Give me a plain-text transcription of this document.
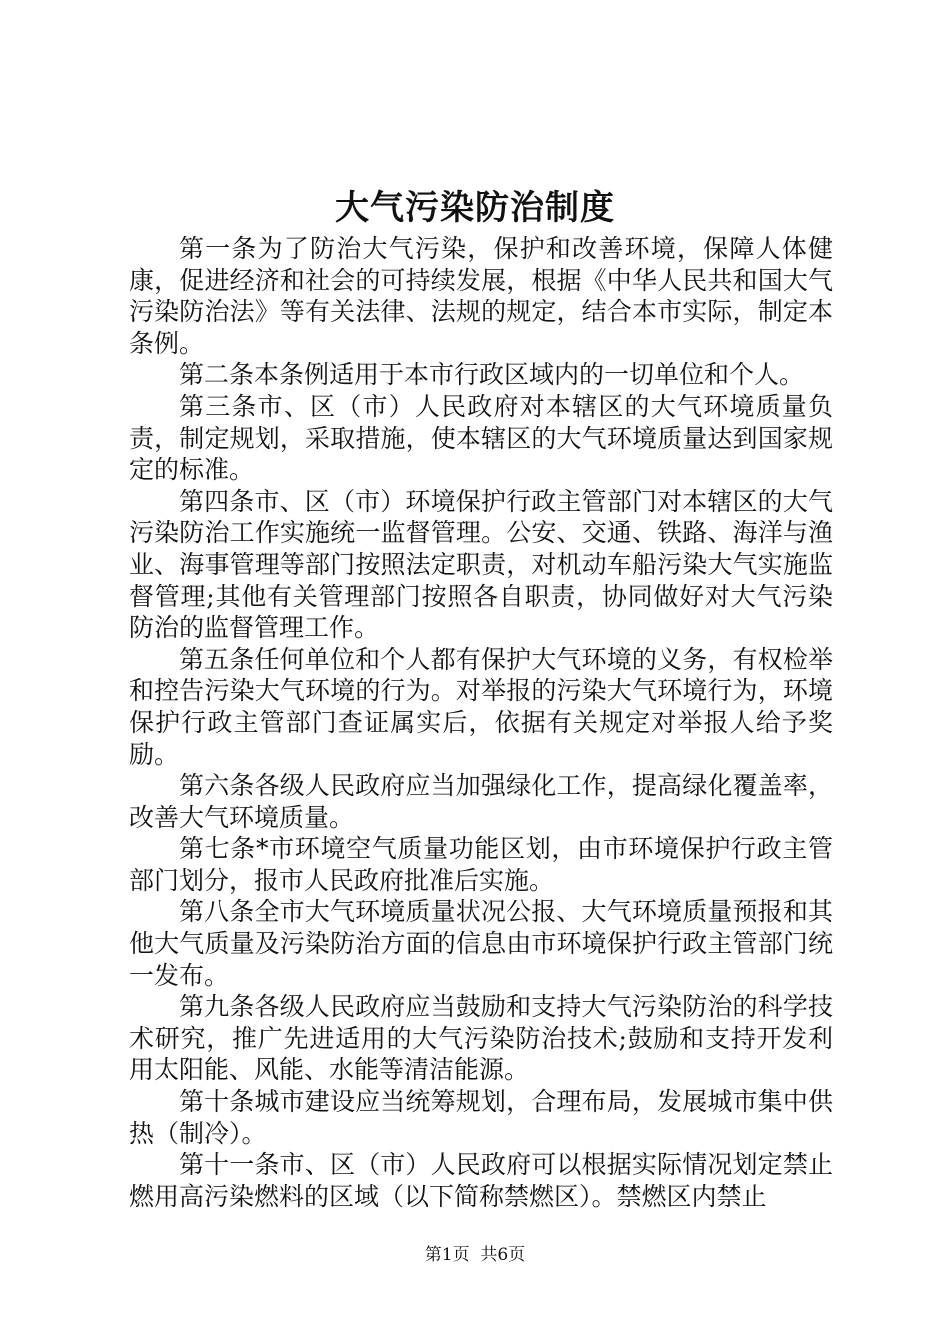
大气污染防治制度

第一条为了防治大气污染，保护和改善环境，保障人体健康，促进经济和社会的可持续发展，根据《中华人民共和国大气污染防治法》等有关法律、法规的规定，结合本市实际，制定本条例。

第二条本条例适用于本市行政区域内的一切单位和个人。

第三条市、区（市）人民政府对本辖区的大气环境质量负责，制定规划，采取措施，使本辖区的大气环境质量达到国家规定的标准。

第四条市、区（市）环境保护行政主管部门对本辖区的大气污染防治工作实施统一监督管理。公安、交通、铁路、海洋与渔业、海事管理等部门按照法定职责，对机动车船污染大气实施监督管理;其他有关管理部门按照各自职责，协同做好对大气污染防治的监督管理工作。

第五条任何单位和个人都有保护大气环境的义务，有权检举和控告污染大气环境的行为。对举报的污染大气环境行为，环境保护行政主管部门查证属实后，依据有关规定对举报人给予奖励。

第六条各级人民政府应当加强绿化工作，提高绿化覆盖率，改善大气环境质量。

第七条*市环境空气质量功能区划，由市环境保护行政主管部门划分，报市人民政府批准后实施。

第八条全市大气环境质量状况公报、大气环境质量预报和其他大气质量及污染防治方面的信息由市环境保护行政主管部门统一发布。

第九条各级人民政府应当鼓励和支持大气污染防治的科学技术研究，推广先进适用的大气污染防治技术;鼓励和支持开发利用太阳能、风能、水能等清洁能源。

第十条城市建设应当统筹规划，合理布局，发展城市集中供热（制冷）。

第十一条市、区（市）人民政府可以根据实际情况划定禁止燃用高污染燃料的区域（以下简称禁燃区）。禁燃区内禁止

第1页 共6页
